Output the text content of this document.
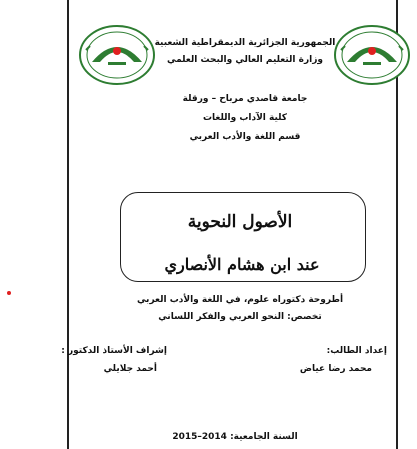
الجمهورية الجزائرية الديمقراطية الشعبية
وزارة التعليم العالي والبحث العلمي
جامعة قاصدي مرباح – ورقلة
كلية الآداب واللغات
قسم اللغة والأدب العربي
الأصول النحوية
عند ابن هشام الأنصاري
أطروحة دكتوراه علوم، في اللغة والأدب العربي
تخصص: النحو العربي والفكر اللساني
إعداد الطالب:
محمد رضا عياض
إشراف الأستاذ الدكتور :
أحمد جلايلي
السنة الجامعية: 2014–2015
